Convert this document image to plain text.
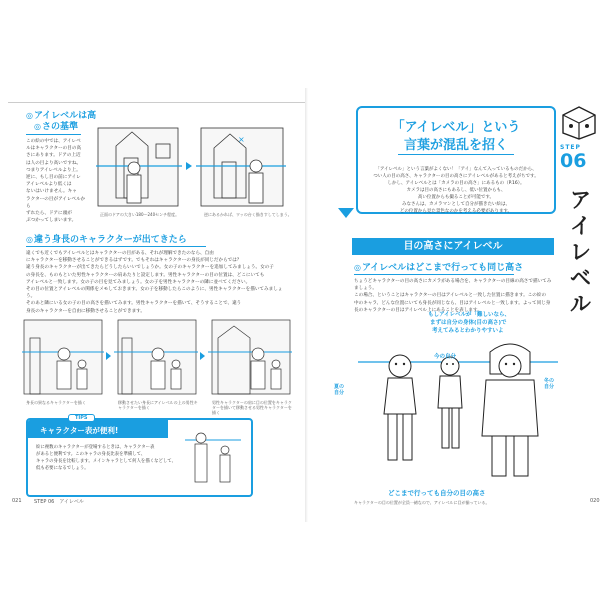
◎ アイレベルは高
◎ さの基準
この絵の中では、アイレベ
ルはキャラクターの目の高
さにあります。ドアの上辺
は人の目より高いですね。
つまりアイレベルより上。
逆に、もし目の前にアイレ
アイレベルより低くは
ないはいけません。キャ
ラクターの目がアイレベルから
ずれたら、ドアに頭が
ぶつかってしまいます。
×
正面のドアの大きい180～240センチ程度。	逆にあるかれば、ワッの台く描きすしてしまう。
◎ 違う身長のキャラクターが出てきたら
遠くでも近くでもアイレベルとはキャラクターの目がある、それが理解できたのなら、自由
にキャラクターを移動させることができるはずです。でもそれはキャラクターの身長が同じだからでは？
違う身長のキャラクターが出てきたらどうしたらいいでしょうか。女の子のキャラクターを追加してみましょう。女の子
の身長を、ものもといた男性キャラクターの肩あたりと設定します。男性キャラクターの目の位置は、どこにいても
アイレベルと一致します。女の子の目を見てみましょう。女の子を男性キャラクターの隣に並べてください。
その目の位置とアイレベルの関係をメモしておきます。女の子を移動したらこのように、男性キャラクターを描いてみましょう。
そのあと隣にいる女の子の目の高さを描いてみます。男性キャラクターを描いて、そうすることで、違う
身長のキャラクターを自由に移動させることができます。
身長の異なるキャラクターを描く	移動させたい身長にアイレベルの上の男性キャラクターを描く
男性キャラクターの肩に目の位置をキャラクターを描いて移動させる男性キャラクターを描く
TIPS
キャラクター表が便利!
絵に複数のキャラクターが登場するときは、キャラクター表
があると便利です。このキャラの身長比表を準備して、
キャラの身長を比較します。メインキャラとして何人を描くなどして、
低も必要になるでしょう。
021 STEP 06　アイレベル
「アイレベル」という
言葉が混乱を招く
「アイレベル」という言葉がよくない！「アイ」なんて入っているものだから、
つい人の目の高さ、キャラクターの目の高さにアイレベルがあると考えがちです。
しかし、アイレベルとは「カメラの目の高さ」にあるもの（P.16）。
カメラは目の高さにもあるし、低い位置からも、
高い位置からも撮ることが可能です。
みなさんは、カメラマンとして自分が描きたい絵は、
どの位置から見た景色なのかを考える必要があります。
目の高さにアイレベル
◎ アイレベルはどこまで行っても同じ高さ
ちょうどキャラクターの目の高さにカメラがある場合を、キャラクターの目線の高さで描いてみましょう。
この場合、ということはキャラクターの目はアイレベルと一致した位置に描きます。この絵の
中のキャラ、どんな位置にいても身長が同じなら、目はアイレベルと一致します。よって同じ身
長のキャラクターの目はアイレベル上にあることを表します。
もしアイレベルが「難しいなら、
まずは自分の身体(目の高さ)で
考えてみるとわかりやすいよ
夏の自分
今の自分
冬の自分
どこまで行っても自分の目の高さ
キャラクターの目の位置が全員一緒なので、アイレベルに目が揃っている。
STEP
06
アイレベル
020
